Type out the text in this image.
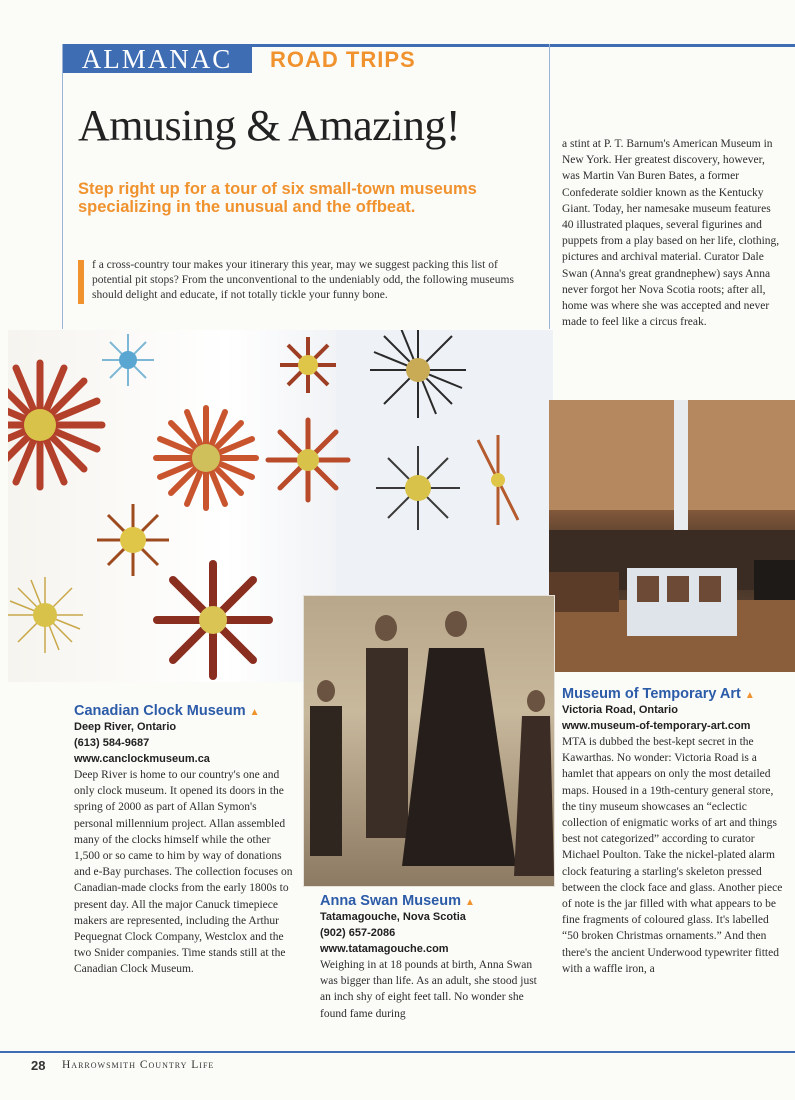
ALMANAC	ROAD TRIPS
Amusing & Amazing!
Step right up for a tour of six small-town museums specializing in the unusual and the offbeat.
f a cross-country tour makes your itinerary this year, may we suggest packing this list of potential pit stops? From the unconventional to the undeniably odd, the following museums should delight and educate, if not totally tickle your funny bone.
a stint at P. T. Barnum's American Museum in New York. Her greatest discovery, however, was Martin Van Buren Bates, a former Confederate soldier known as the Kentucky Giant. Today, her namesake museum features 40 illustrated plaques, several figurines and puppets from a play based on her life, clothing, pictures and archival material. Curator Dale Swan (Anna's great grandnephew) says Anna never forgot her Nova Scotia roots; after all, home was where she was accepted and never made to feel like a circus freak.
Canadian Clock Museum ▲
Deep River, Ontario
(613) 584-9687
www.canclockmuseum.ca
Deep River is home to our country's one and only clock museum. It opened its doors in the spring of 2000 as part of Allan Symon's personal millennium project. Allan assembled many of the clocks himself while the other 1,500 or so came to him by way of donations and e-Bay purchases. The collection focuses on Canadian-made clocks from the early 1800s to present day. All the major Canuck timepiece makers are represented, including the Arthur Pequegnat Clock Company, Westclox and the two Snider companies. Time stands still at the Canadian Clock Museum.
Anna Swan Museum ▲
Tatamagouche, Nova Scotia
(902) 657-2086
www.tatamagouche.com
Weighing in at 18 pounds at birth, Anna Swan was bigger than life. As an adult, she stood just an inch shy of eight feet tall. No wonder she found fame during
Museum of Temporary Art ▲
Victoria Road, Ontario
www.museum-of-temporary-art.com
MTA is dubbed the best-kept secret in the Kawarthas. No wonder: Victoria Road is a hamlet that appears on only the most detailed maps. Housed in a 19th-century general store, the tiny museum showcases an “eclectic collection of enigmatic works of art and things best not categorized” according to curator Michael Poulton. Take the nickel-plated alarm clock featuring a starling's skeleton pressed between the clock face and glass. Another piece of note is the jar filled with what appears to be fine fragments of coloured glass. It's labelled “50 broken Christmas ornaments.” And then there's the ancient Underwood typewriter fitted with a waffle iron, a
28 Harrowsmith Country Life
